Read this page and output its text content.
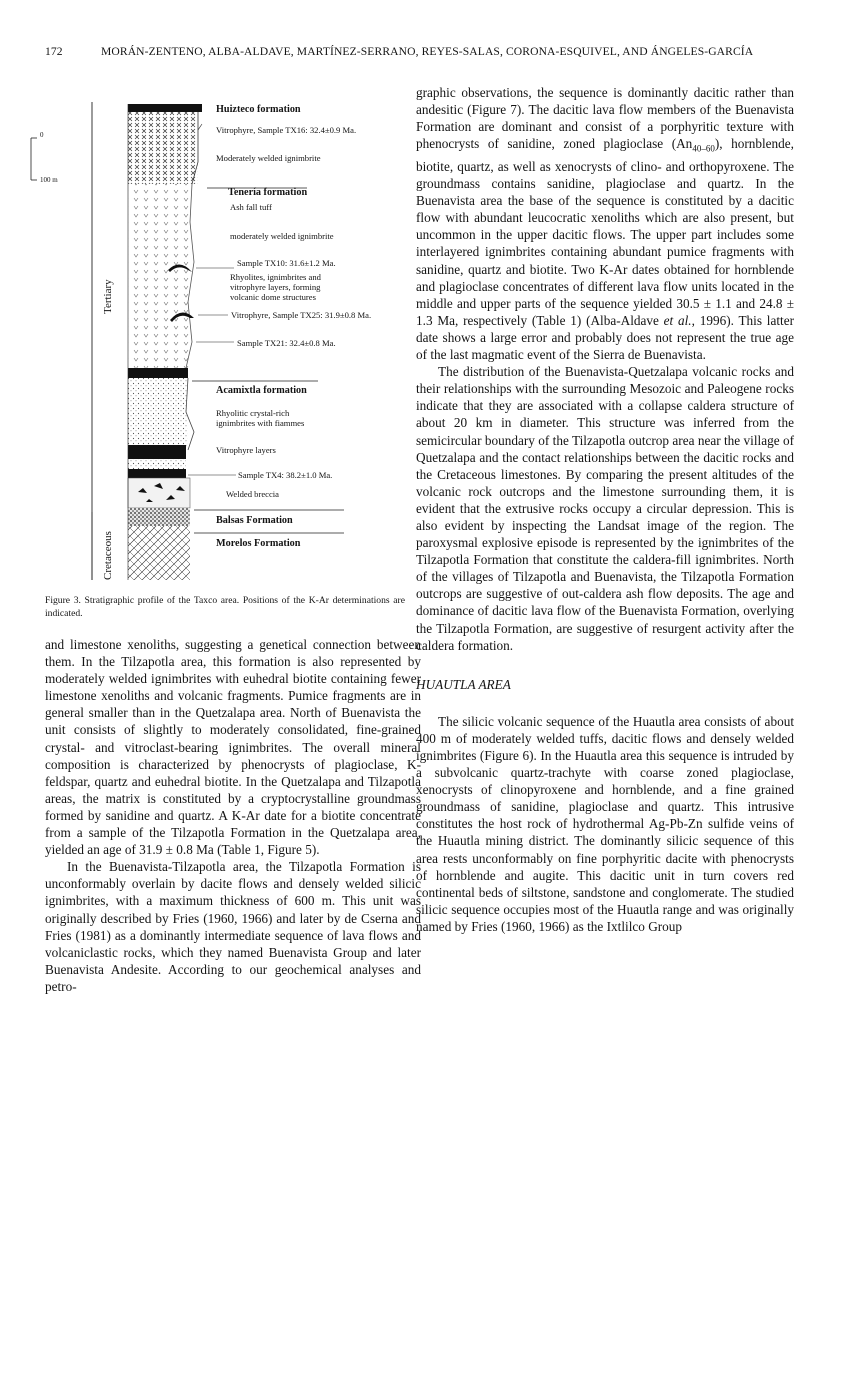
172	MORÁN-ZENTENO, ALBA-ALDAVE, MARTÍNEZ-SERRANO, REYES-SALAS, CORONA-ESQUIVEL, AND ÁNGELES-GARCÍA
0
100 m
Tertiary
Cretaceous
Huizteco formation
Vitrophyre, Sample TX16: 32.4±0.9 Ma.
Moderately welded ignimbrite
Tenería formation
Ash fall tuff
moderately welded ignimbrite
Sample TX10: 31.6±1.2 Ma.
Rhyolites, ignimbrites and
vitrophyre layers, forming
volcanic dome structures
Vitrophyre, Sample TX25: 31.9±0.8 Ma.
Sample TX21: 32.4±0.8 Ma.
Acamixtla formation
Rhyolitic crystal-rich
ignimbrites with fiammes
Vitrophyre layers
Sample TX4: 38.2±1.0 Ma.
Welded breccia
Balsas Formation
Morelos Formation
Figure 3. Stratigraphic profile of the Taxco area. Positions of the K-Ar determinations are indicated.

and limestone xenoliths, suggesting a genetical connection between them. In the Tilzapotla area, this formation is also represented by moderately welded ignimbrites with euhedral biotite containing fewer limestone xenoliths and volcanic fragments. Pumice fragments are in general smaller than in the Quetzalapa area. North of Buenavista the unit consists of slightly to moderately consolidated, fine-grained crystal- and vitroclast-bearing ignimbrites. The overall mineral composition is characterized by phenocrysts of plagioclase, K-feldspar, quartz and euhedral biotite. In the Quetzalapa and Tilzapotla areas, the matrix is constituted by a cryptocrystalline groundmass formed by sanidine and quartz. A K-Ar date for a biotite concentrate from a sample of the Tilzapotla Formation in the Quetzalapa area, yielded an age of 31.9 ± 0.8 Ma (Table 1, Figure 5).

In the Buenavista-Tilzapotla area, the Tilzapotla Formation is unconformably overlain by dacite flows and densely welded silicic ignimbrites, with a maximum thickness of 600 m. This unit was originally described by Fries (1960, 1966) and later by de Cserna and Fries (1981) as a dominantly intermediate sequence of lava flows and volcaniclastic rocks, which they named Buenavista Group and later Buenavista Andesite. According to our geochemical analyses and petro-

graphic observations, the sequence is dominantly dacitic rather than andesitic (Figure 7). The dacitic lava flow members of the Buenavista Formation are dominant and consist of a porphyritic texture with phenocrysts of sanidine, zoned plagioclase $(An_{40-60})$, hornblende, biotite, quartz, as well as xenocrysts of clino- and orthopyroxene. The groundmass contains sanidine, plagioclase and quartz. In the Buenavista area the base of the sequence is constituted by a dacitic flow with abundant leucocratic xenoliths which are also present, but uncommon in the upper dacitic flows. The upper part includes some interlayered ignimbrites containing abundant pumice fragments with sanidine, quartz and biotite. Two K-Ar dates obtained for hornblende and plagioclase concentrates of different lava flow units located in the middle and upper parts of the sequence yielded 30.5 ± 1.1 and 24.8 ± 1.3 Ma, respectively (Table 1) (Alba-Aldave et al., 1996). This latter date shows a large error and probably does not represent the true age of the last magmatic event of the Sierra de Buenavista.

The distribution of the Buenavista-Quetzalapa volcanic rocks and their relationships with the surrounding Mesozoic and Paleogene rocks indicate that they are associated with a collapse caldera structure of about 20 km in diameter. This structure was inferred from the semicircular boundary of the Tilzapotla outcrop area near the village of Quetzalapa and the contact relationships between the dacitic rocks and the Cretaceous limestones. By comparing the present altitudes of the volcanic rock outcrops and the limestone surrounding them, it is evident that the extrusive rocks occupy a circular depression. This is also evident by inspecting the Landsat image of the region. The paroxysmal explosive episode is represented by the ignimbrites of the Tilzapotla Formation that constitute the caldera-fill ignimbrites. North of the villages of Tilzapotla and Buenavista, the Tilzapotla Formation outcrops are suggestive of out-caldera ash flow deposits. The age and dominance of dacitic lava flow of the Buenavista Formation, overlying the Tilzapotla Formation, are suggestive of resurgent activity after the caldera formation.

HUAUTLA AREA

The silicic volcanic sequence of the Huautla area consists of about 400 m of moderately welded tuffs, dacitic flows and densely welded ignimbrites (Figure 6). In the Huautla area this sequence is intruded by a subvolcanic quartz-trachyte with coarse zoned plagioclase, xenocrysts of clinopyroxene and hornblende, and a fine grained groundmass of sanidine, plagioclase and quartz. This intrusive constitutes the host rock of hydrothermal Ag-Pb-Zn sulfide veins of the Huautla mining district. The dominantly silicic sequence of this area rests unconformably on fine porphyritic dacite with phenocrysts of hornblende and augite. This dacitic unit in turn covers red continental beds of siltstone, sandstone and conglomerate. The studied silicic sequence occupies most of the Huautla range and was originally named by Fries (1960, 1966) as the Ixtlilco Group
